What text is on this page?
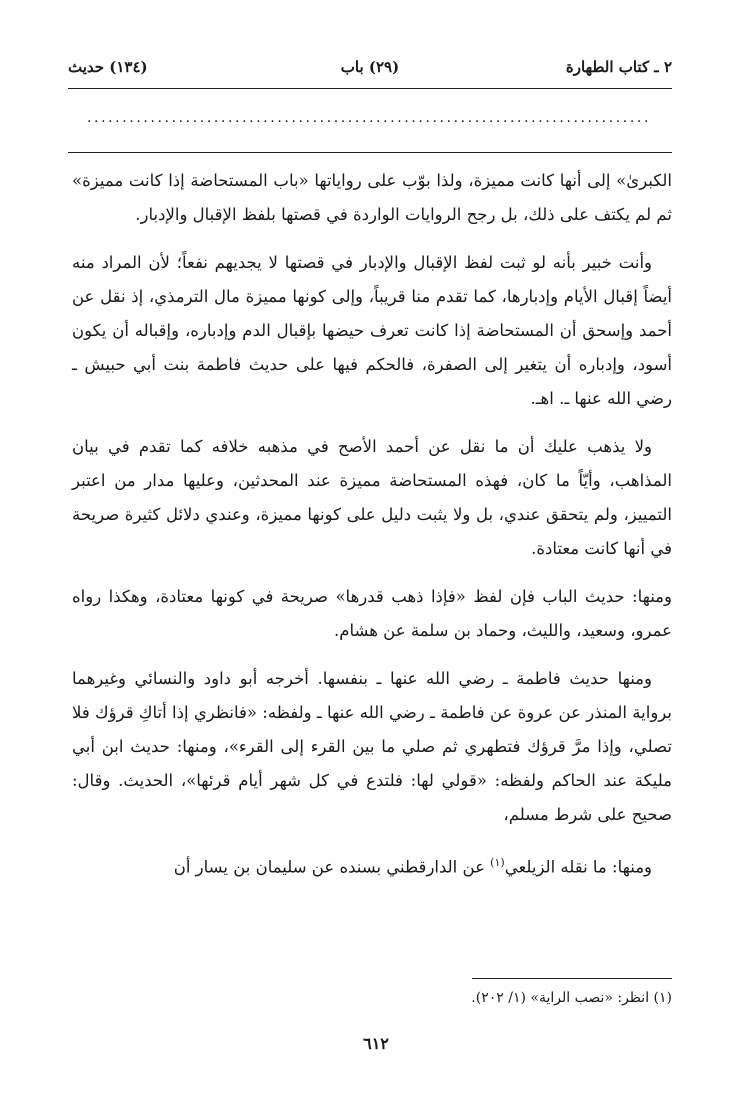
٢ ـ كتاب الطهارة
(٢٩) باب
(١٣٤) حديث
................................................................................

الكبرىٰ» إلى أنها كانت مميزة، ولذا بوّب على رواياتها «باب المستحاضة إذا كانت مميزة» ثم لم يكتف على ذلك، بل رجح الروايات الواردة في قصتها بلفظ الإقبال والإدبار.

وأنت خبير بأنه لو ثبت لفظ الإقبال والإدبار في قصتها لا يجديهم نفعاً؛ لأن المراد منه أيضاً إقبال الأيام وإدبارها، كما تقدم منا قريباً، وإلى كونها مميزة مال الترمذي، إذ نقل عن أحمد وإسحق أن المستحاضة إذا كانت تعرف حيضها بإقبال الدم وإدباره، وإقباله أن يكون أسود، وإدباره أن يتغير إلى الصفرة، فالحكم فيها على حديث فاطمة بنت أبي حبيش ـ رضي الله عنها ـ. اهـ.

ولا يذهب عليك أن ما نقل عن أحمد الأصح في مذهبه خلافه كما تقدم في بيان المذاهب، وأيّاً ما كان، فهذه المستحاضة مميزة عند المحدثين، وعليها مدار من اعتبر التمييز، ولم يتحقق عندي، بل ولا يثبت دليل على كونها مميزة، وعندي دلائل كثيرة صريحة في أنها كانت معتادة.

ومنها: حديث الباب فإن لفظ «فإذا ذهب قدرها» صريحة في كونها معتادة، وهكذا رواه عمرو، وسعيد، والليث، وحماد بن سلمة عن هشام.

ومنها حديث فاطمة ـ رضي الله عنها ـ بنفسها. أخرجه أبو داود والنسائي وغيرهما برواية المنذر عن عروة عن فاطمة ـ رضي الله عنها ـ ولفظه: «فانظري إذا أتاكِ قرؤك فلا تصلي، وإذا مرَّ قرؤك فتطهري ثم صلي ما بين القرء إلى القرء»، ومنها: حديث ابن أبي مليكة عند الحاكم ولفظه: «قولي لها: فلتدع في كل شهر أيام قرئها»، الحديث. وقال: صحيح على شرط مسلم،

ومنها: ما نقله الزيلعي$^{(١)}$ عن الدارقطني بسنده عن سليمان بن يسار أن

(١) انظر: «نصب الراية» (١/ ٢٠٢).
٦١٢
